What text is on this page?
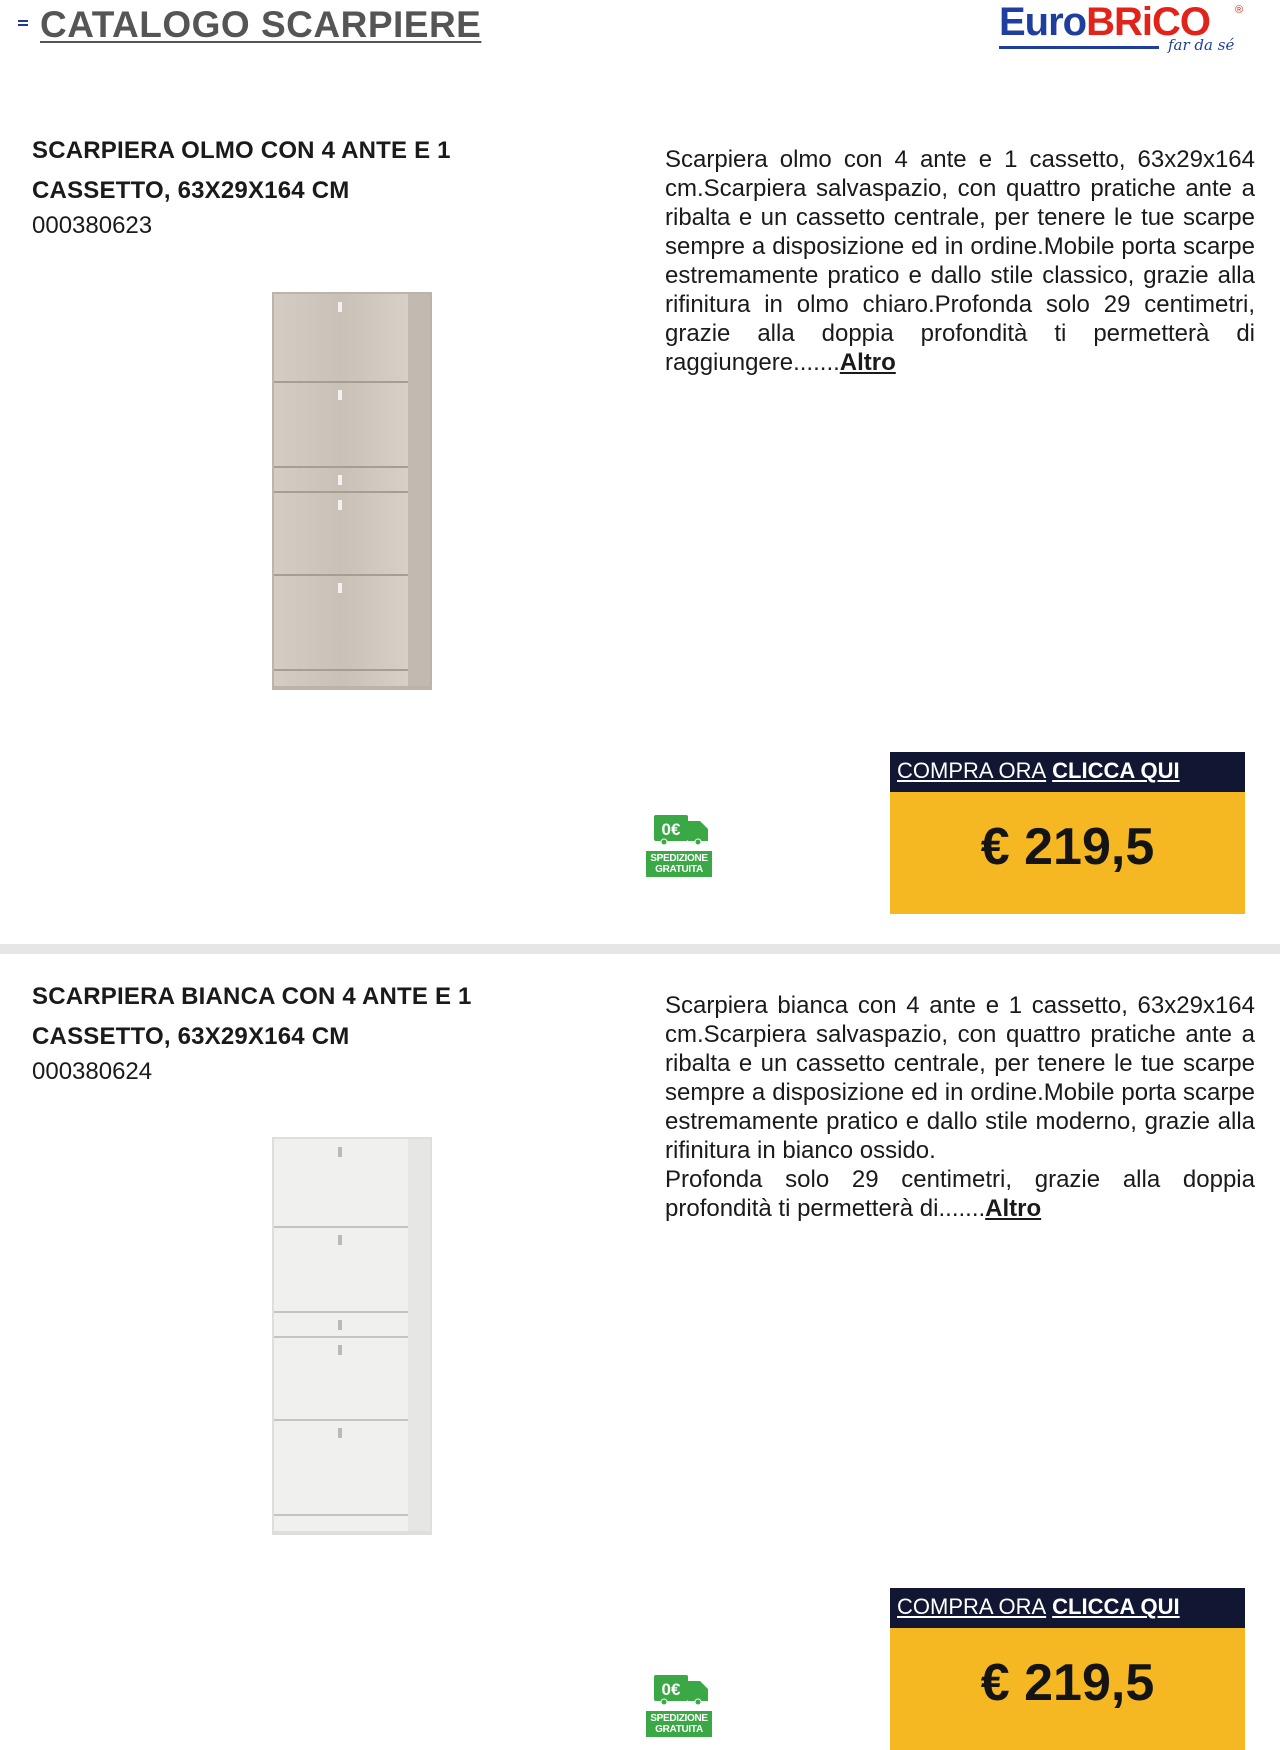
CATALOGO SCARPIERE	EuroBRiCO ®
far da sé
SCARPIERA OLMO CON 4 ANTE E 1 CASSETTO, 63X29X164 CM
000380623
Scarpiera olmo con 4 ante e 1 cassetto, 63x29x164 cm.Scarpiera salvaspazio, con quattro pratiche ante a ribalta e un cassetto centrale, per tenere le tue scarpe sempre a disposizione ed in ordine.Mobile porta scarpe estremamente pratico e dallo stile classico, grazie alla rifinitura in olmo chiaro.Profonda solo 29 centimetri, grazie alla doppia profondità ti permetterà di raggiungere.......Altro
0€
SPEDIZIONE
GRATUITA
COMPRA ORA CLICCA QUI
€ 219,5
SCARPIERA BIANCA CON 4 ANTE E 1 CASSETTO, 63X29X164 CM
000380624
Scarpiera bianca con 4 ante e 1 cassetto, 63x29x164 cm.Scarpiera salvaspazio, con quattro pratiche ante a ribalta e un cassetto centrale, per tenere le tue scarpe sempre a disposizione ed in ordine.Mobile porta scarpe estremamente pratico e dallo stile moderno, grazie alla rifinitura in bianco ossido.
Profonda solo 29 centimetri, grazie alla doppia profondità ti permetterà di.......Altro
0€
SPEDIZIONE
GRATUITA
COMPRA ORA CLICCA QUI
€ 219,5
